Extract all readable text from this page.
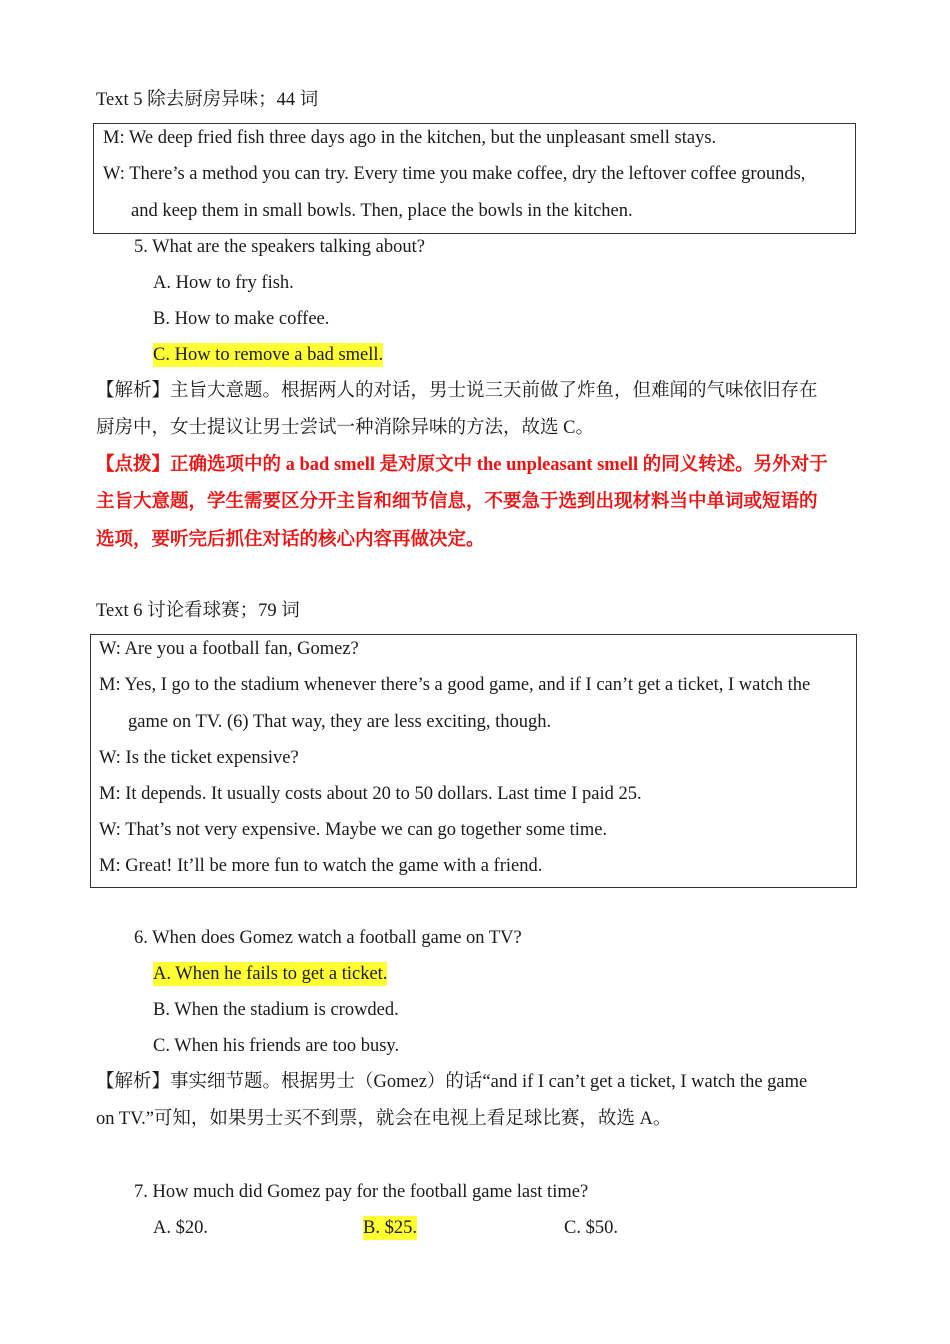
Text 5 除去厨房异味；44 词
M: We deep fried fish three days ago in the kitchen, but the unpleasant smell stays.
W: There’s a method you can try. Every time you make coffee, dry the leftover coffee grounds,
and keep them in small bowls. Then, place the bowls in the kitchen.
5. What are the speakers talking about?
A. How to fry fish.
B. How to make coffee.
C. How to remove a bad smell.
【解析】主旨大意题。根据两人的对话，男士说三天前做了炸鱼，但难闻的气味依旧存在
厨房中，女士提议让男士尝试一种消除异味的方法，故选 C。
【点拨】正确选项中的 a bad smell 是对原文中 the unpleasant smell 的同义转述。另外对于
主旨大意题，学生需要区分开主旨和细节信息，不要急于选到出现材料当中单词或短语的
选项，要听完后抓住对话的核心内容再做决定。
Text 6 讨论看球赛；79 词
W: Are you a football fan, Gomez?
M: Yes, I go to the stadium whenever there’s a good game, and if I can’t get a ticket, I watch the
game on TV. (6) That way, they are less exciting, though.
W: Is the ticket expensive?
M: It depends. It usually costs about 20 to 50 dollars. Last time I paid 25.
W: That’s not very expensive. Maybe we can go together some time.
M: Great! It’ll be more fun to watch the game with a friend.
6. When does Gomez watch a football game on TV?
A. When he fails to get a ticket.
B. When the stadium is crowded.
C. When his friends are too busy.
【解析】事实细节题。根据男士（Gomez）的话“and if I can’t get a ticket, I watch the game
on TV.”可知，如果男士买不到票，就会在电视上看足球比赛，故选 A。
7. How much did Gomez pay for the football game last time?
A. $20.	B. $25.	C. $50.
